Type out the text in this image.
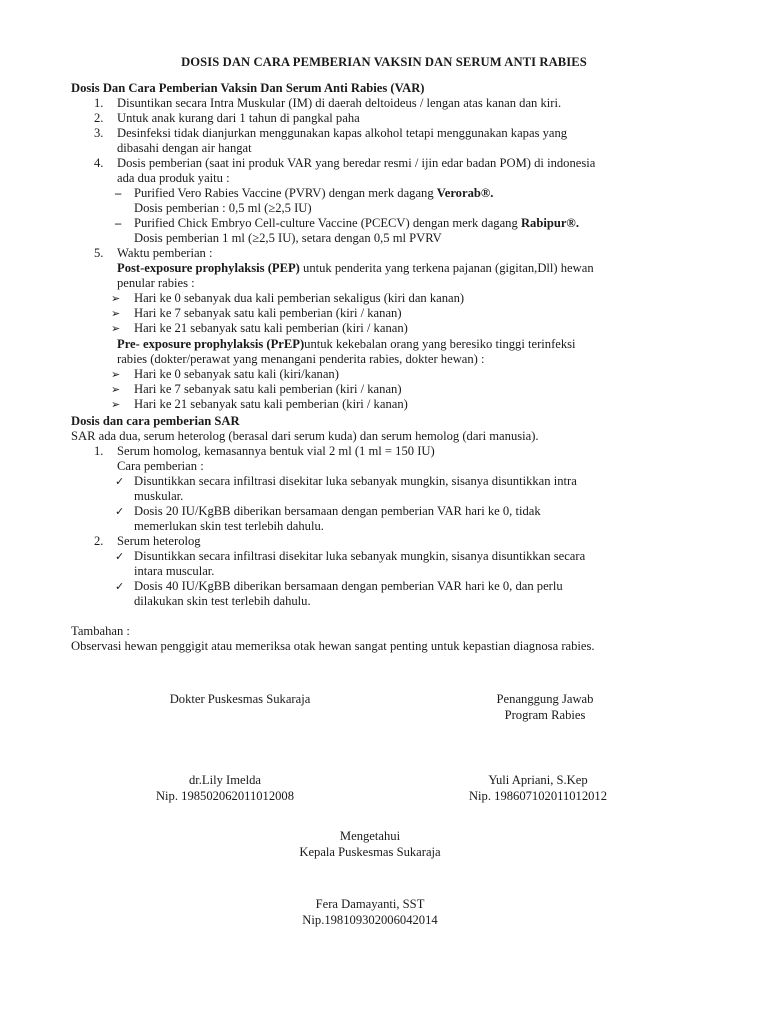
DOSIS DAN CARA PEMBERIAN VAKSIN DAN SERUM ANTI RABIES

Dosis Dan Cara Pemberian Vaksin Dan Serum Anti Rabies (VAR)

1.	Disuntikan secara Intra Muskular (IM) di daerah deltoideus / lengan atas kanan dan kiri.
2.	Untuk anak kurang dari 1 tahun di pangkal paha
3.	Desinfeksi tidak dianjurkan menggunakan kapas alkohol tetapi menggunakan kapas yang
dibasahi dengan air hangat
4.	Dosis pemberian (saat ini produk VAR yang beredar resmi / ijin edar badan POM) di indonesia
ada dua produk yaitu :
–	Purified Vero Rabies Vaccine (PVRV) dengan merk dagang Verorab®.
Dosis pemberian : 0,5 ml (≥2,5 IU)
–	Purified Chick Embryo Cell-culture Vaccine (PCECV) dengan merk dagang Rabipur®.
Dosis pemberian 1 ml (≥2,5 IU), setara dengan 0,5 ml PVRV
5.	Waktu pemberian :
Post-exposure prophylaksis (PEP) untuk penderita yang terkena pajanan (gigitan,Dll) hewan
penular rabies :
➢	Hari ke 0 sebanyak dua kali pemberian sekaligus (kiri dan kanan)
➢	Hari ke 7 sebanyak satu kali pemberian (kiri / kanan)
➢	Hari ke 21 sebanyak satu kali pemberian (kiri / kanan)
Pre- exposure prophylaksis (PrEP)untuk kekebalan orang yang beresiko tinggi terinfeksi
rabies (dokter/perawat yang menangani penderita rabies, dokter hewan) :
➢	Hari ke 0 sebanyak satu kali (kiri/kanan)
➢	Hari ke 7 sebanyak satu kali pemberian (kiri / kanan)
➢	Hari ke 21 sebanyak satu kali pemberian (kiri / kanan)

Dosis dan cara pemberian SAR

SAR ada dua, serum heterolog (berasal dari serum kuda) dan serum hemolog (dari manusia).

1.	Serum homolog, kemasannya bentuk vial 2 ml (1 ml = 150 IU)
Cara pemberian :
✓ Disuntikkan secara infiltrasi disekitar luka sebanyak mungkin, sisanya disuntikkan intra
muskular.
✓ Dosis 20 IU/KgBB diberikan bersamaan dengan pemberian VAR hari ke 0, tidak
memerlukan skin test terlebih dahulu.
2.	Serum heterolog
✓ Disuntikkan secara infiltrasi disekitar luka sebanyak mungkin, sisanya disuntikkan secara
intara muscular.
✓ Dosis 40 IU/KgBB diberikan bersamaan dengan pemberian VAR hari ke 0, dan perlu
dilakukan skin test terlebih dahulu.

Tambahan :

Observasi hewan penggigit atau memeriksa otak hewan sangat penting untuk kepastian diagnosa rabies.

Dokter Puskesmas Sukaraja	Penanggung Jawab
Program Rabies
dr.Lily Imelda
Nip. 198502062011012008
Yuli Apriani, S.Kep
Nip. 198607102011012012
Mengetahui
Kepala Puskesmas Sukaraja
Fera Damayanti, SST
Nip.198109302006042014
